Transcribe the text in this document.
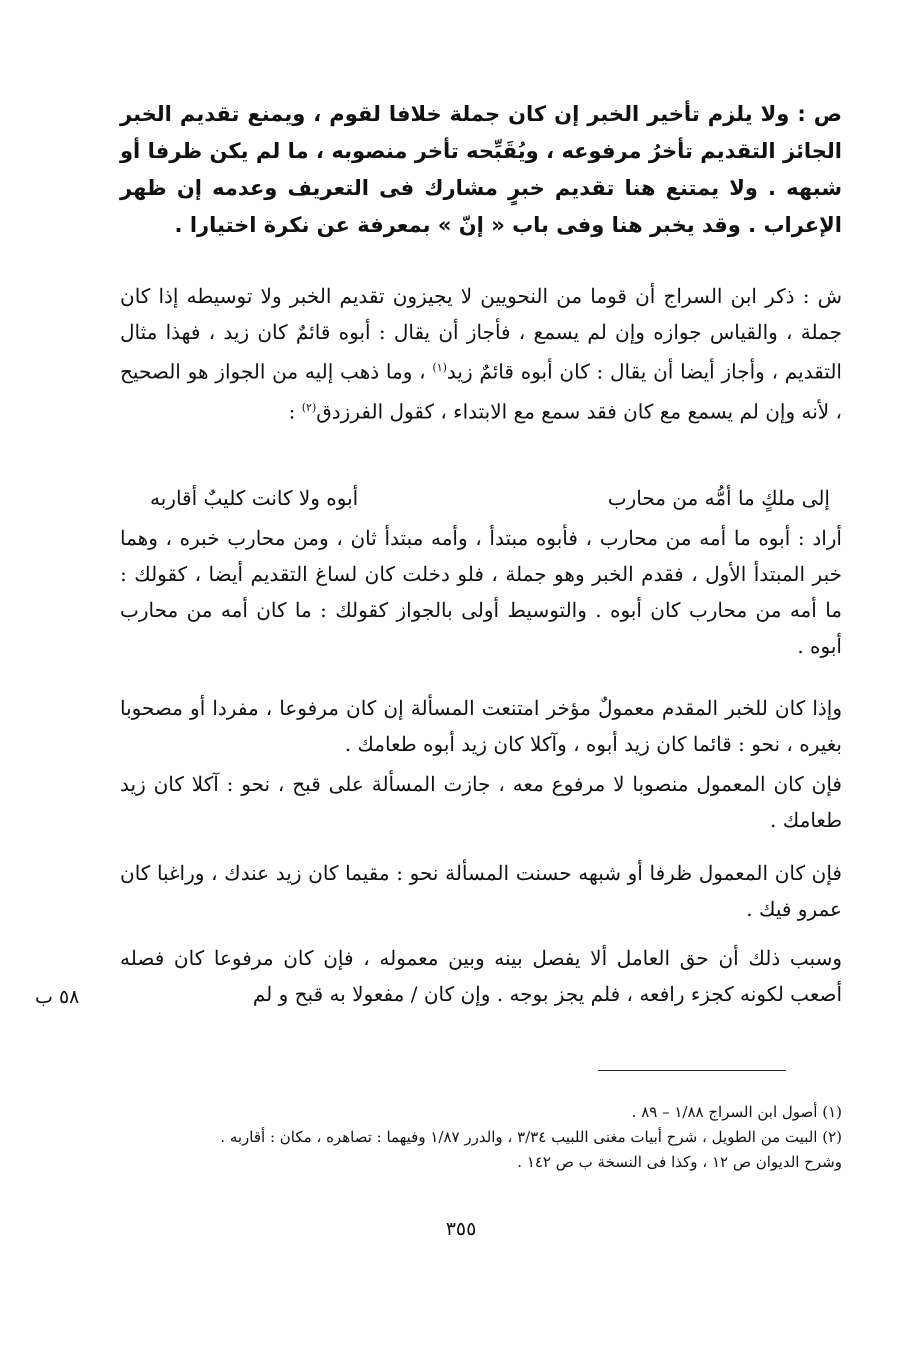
ص : ولا يلزم تأخير الخبر إن كان جملة خلافا لقوم ، ويمنع تقديم الخبر الجائز التقديم تأخرُ مرفوعه ، ويُقَبِّحه تأخر منصوبه ، ما لم يكن ظرفا أو شبهه . ولا يمتنع هنا تقديم خبرٍ مشارك فى التعريف وعدمه إن ظهر الإعراب . وقد يخبر هنا وفى باب « إنّ » بمعرفة عن نكرة اختيارا .

ش : ذكر ابن السراج أن قوما من النحويين لا يجيزون تقديم الخبر ولا توسيطه إذا كان جملة ، والقياس جوازه وإن لم يسمع ، فأجاز أن يقال : أبوه قائمٌ كان زيد ، فهذا مثال التقديم ، وأجاز أيضا أن يقال : كان أبوه قائمٌ زيد$^{(١)}$ ، وما ذهب إليه من الجواز هو الصحيح ، لأنه وإن لم يسمع مع كان فقد سمع مع الابتداء ، كقول الفرزدق$^{(٢)}$ :

إلى ملكٍ ما أمُّه من محارب
أبوه ولا كانت كليبٌ أقاربه

أراد : أبوه ما أمه من محارب ، فأبوه مبتدأ ، وأمه مبتدأ ثان ، ومن محارب خبره ، وهما خبر المبتدأ الأول ، فقدم الخبر وهو جملة ، فلو دخلت كان لساغ التقديم أيضا ، كقولك : ما أمه من محارب كان أبوه . والتوسيط أولى بالجواز كقولك : ما كان أمه من محارب أبوه .

وإذا كان للخبر المقدم معمولٌ مؤخر امتنعت المسألة إن كان مرفوعا ، مفردا أو مصحوبا بغيره ، نحو : قائما كان زيد أبوه ، وآكلا كان زيد أبوه طعامك .

فإن كان المعمول منصوبا لا مرفوع معه ، جازت المسألة على قبح ، نحو : آكلا كان زيد طعامك .

فإن كان المعمول ظرفا أو شبهه حسنت المسألة نحو : مقيما كان زيد عندك ، وراغبا كان عمرو فيك .

وسبب ذلك أن حق العامل ألا يفصل بينه وبين معموله ، فإن كان مرفوعا كان فصله أصعب لكونه كجزء رافعه ، فلم يجز بوجه . وإن كان / مفعولا به قبح و لم

٥٨ ب

(١) أصول ابن السراج ١/٨٨ – ٨٩ .

(٢) البيت من الطويل ، شرح أبيات مغنى اللبيب ٣/٣٤ ، والدرر ١/٨٧ وفيهما : تصاهره ، مكان : أقاربه .

وشرح الديوان ص ١٢ ، وكذا فى النسخة ب ص ١٤٢ .

٣٥٥
